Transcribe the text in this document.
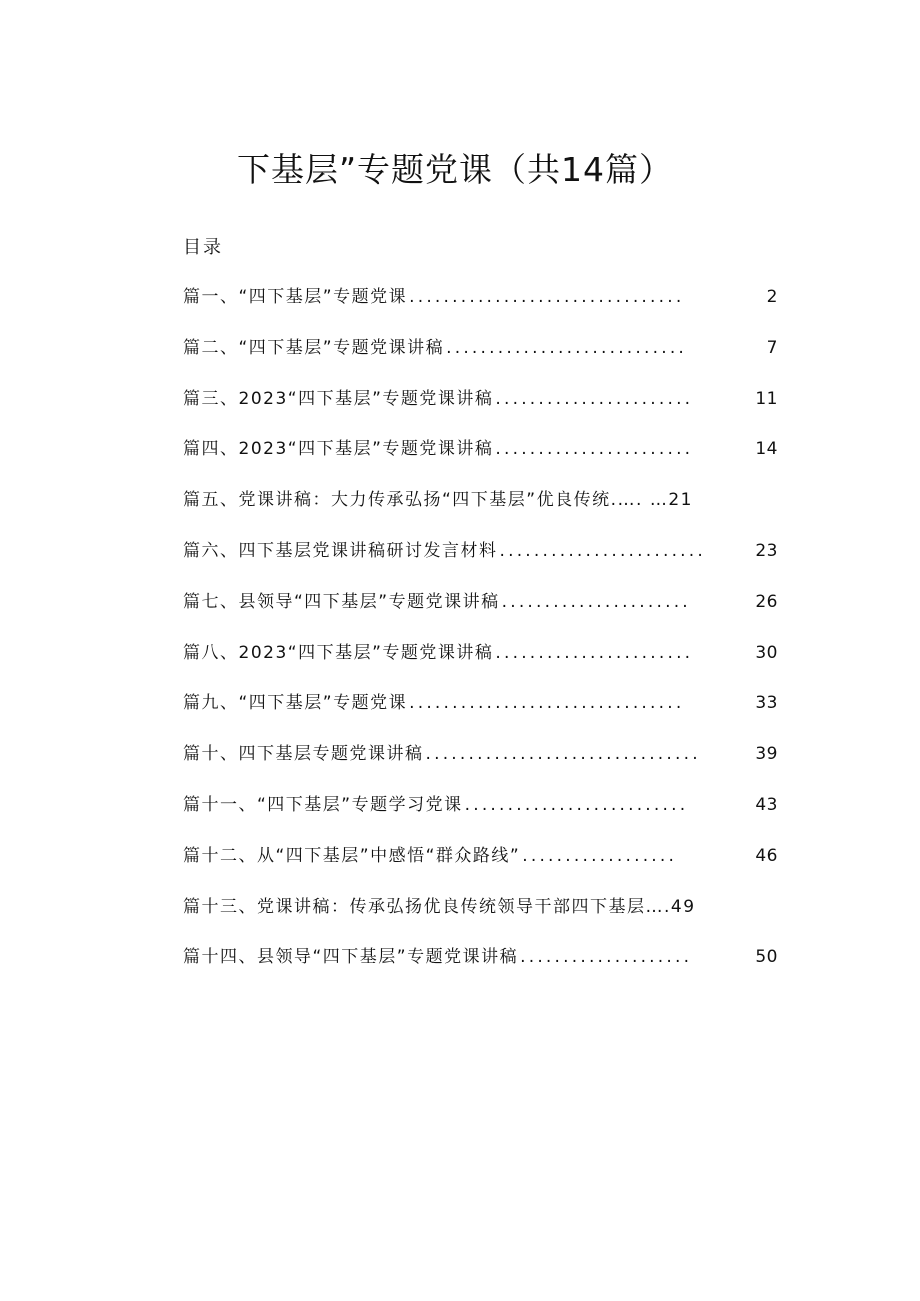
下基层”专题党课（共14篇）
目录
篇一、“四下基层”专题党课 ................................	2
篇二、“四下基层”专题党课讲稿 ............................	7
篇三、2023“四下基层”专题党课讲稿 .......................	11
篇四、2023“四下基层”专题党课讲稿 .......................	14
篇五、党课讲稿：大力传承弘扬“四下基层”优良传统.…. …21
篇六、四下基层党课讲稿研讨发言材料 ........................	23
篇七、县领导“四下基层”专题党课讲稿 ......................	26
篇八、2023“四下基层”专题党课讲稿 .......................	30
篇九、“四下基层”专题党课 ................................	33
篇十、四下基层专题党课讲稿 ................................	39
篇十一、“四下基层”专题学习党课 ..........................	43
篇十二、从“四下基层”中感悟“群众路线” ..................	46
篇十三、党课讲稿：传承弘扬优良传统领导干部四下基层….49
篇十四、县领导“四下基层”专题党课讲稿 ....................	50
